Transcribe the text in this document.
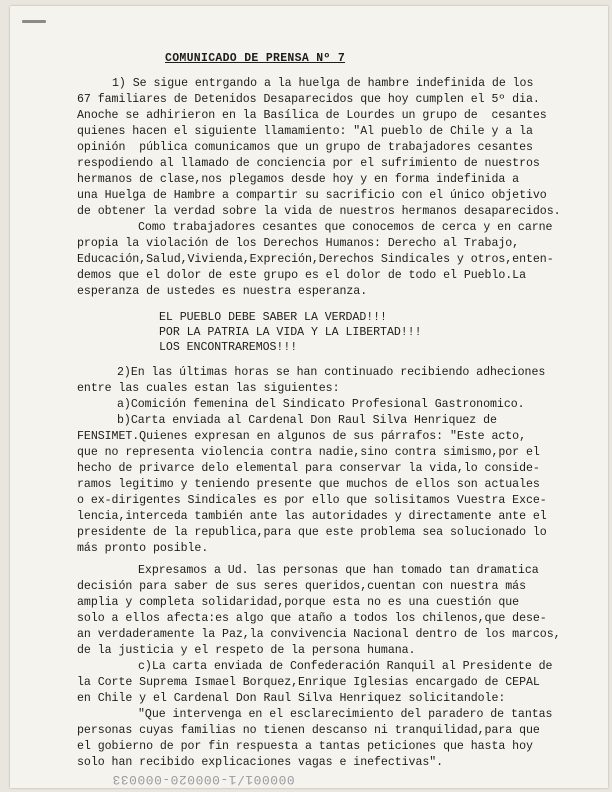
COMUNICADO DE PRENSA Nº 7
1) Se sigue entrgando a la huelga de hambre indefinida de los
67 familiares de Detenidos Desaparecidos que hoy cumplen el 5º dia.
Anoche se adhirieron en la Basílica de Lourdes un grupo de  cesantes
quienes hacen el siguiente llamamiento: "Al pueblo de Chile y a la
opinión  pública comunicamos que un grupo de trabajadores cesantes
respodiendo al llamado de conciencia por el sufrimiento de nuestros
hermanos de clase,nos plegamos desde hoy y en forma indefinida a
una Huelga de Hambre a compartir su sacrificio con el único objetivo
de obtener la verdad sobre la vida de nuestros hermanos desaparecidos.
Como trabajadores cesantes que conocemos de cerca y en carne
propia la violación de los Derechos Humanos: Derecho al Trabajo,
Educación,Salud,Vivienda,Expreción,Derechos Sindicales y otros,enten-
demos que el dolor de este grupo es el dolor de todo el Pueblo.La
esperanza de ustedes es nuestra esperanza.
EL PUEBLO DEBE SABER LA VERDAD!!!
POR LA PATRIA LA VIDA Y LA LIBERTAD!!!
LOS ENCONTRAREMOS!!!
2)En las últimas horas se han continuado recibiendo adheciones
entre las cuales estan las siguientes:
a)Comición femenina del Sindicato Profesional Gastronomico.
b)Carta enviada al Cardenal Don Raul Silva Henriquez de
FENSIMET.Quienes expresan en algunos de sus párrafos: "Este acto,
que no representa violencia contra nadie,sino contra simismo,por el
hecho de privarce delo elemental para conservar la vida,lo conside-
ramos legitimo y teniendo presente que muchos de ellos son actuales
o ex-dirigentes Sindicales es por ello que solisitamos Vuestra Exce-
lencia,interceda también ante las autoridades y directamente ante el
presidente de la republica,para que este problema sea solucionado lo
más pronto posible.
Expresamos a Ud. las personas que han tomado tan dramatica
decisión para saber de sus seres queridos,cuentan con nuestra más
amplia y completa solidaridad,porque esta no es una cuestión que
solo a ellos afecta:es algo que ataño a todos los chilenos,que dese-
an verdaderamente la Paz,la convivencia Nacional dentro de los marcos,
de la justicia y el respeto de la persona humana.
c)La carta enviada de Confederación Ranquil al Presidente de
la Corte Suprema Ismael Borquez,Enrique Iglesias encargado de CEPAL
en Chile y el Cardenal Don Raul Silva Henriquez solicitandole:
"Que intervenga en el esclarecimiento del paradero de tantas
personas cuyas familias no tienen descanso ni tranquilidad,para que
el gobierno de por fin respuesta a tantas peticiones que hasta hoy
solo han recibido explicaciones vagas e inefectivas".
000001/1-000020-000033
